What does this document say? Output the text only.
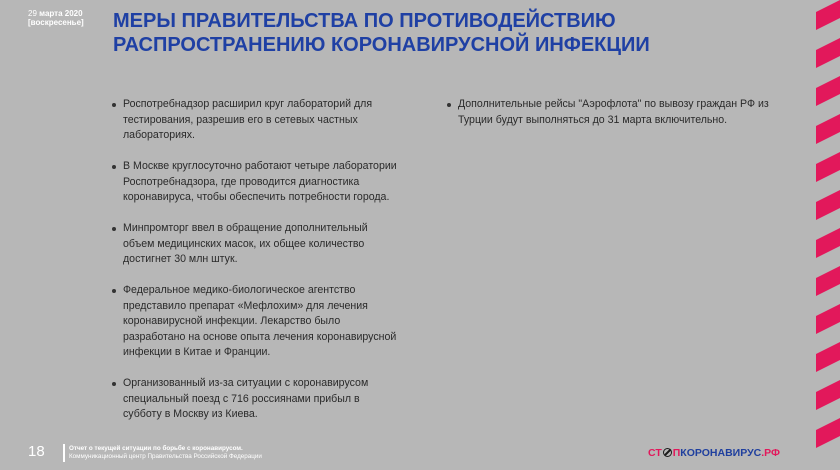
29 марта 2020
[воскресенье] МЕРЫ ПРАВИТЕЛЬСТВА ПО ПРОТИВОДЕЙСТВИЮ РАСПРОСТРАНЕНИЮ КОРОНАВИРУСНОЙ ИНФЕКЦИИ
Роспотребнадзор расширил круг лабораторий для тестирования, разрешив его в сетевых частных лабораториях.
В Москве круглосуточно работают четыре лаборатории Роспотребнадзора, где проводится диагностика коронавируса, чтобы обеспечить потребности города.
Минпромторг ввел в обращение дополнительный объем медицинских масок, их общее количество достигнет 30 млн штук.
Федеральное медико-биологическое агентство представило препарат «Мефлохим» для лечения коронавирусной инфекции. Лекарство было разработано на основе опыта лечения коронавирусной инфекции в Китае и Франции.
Организованный из-за ситуации с коронавирусом специальный поезд с 716 россиянами прибыл в субботу в Москву из Киева.
Дополнительные рейсы "Аэрофлота" по вывозу граждан РФ из Турции будут выполняться до 31 марта включительно.
18	Отчет о текущей ситуации по борьбе с коронавирусом.
Коммуникационный центр Правительства Российской Федерации	СТ ПКОРОНАВИРУС.РФ
